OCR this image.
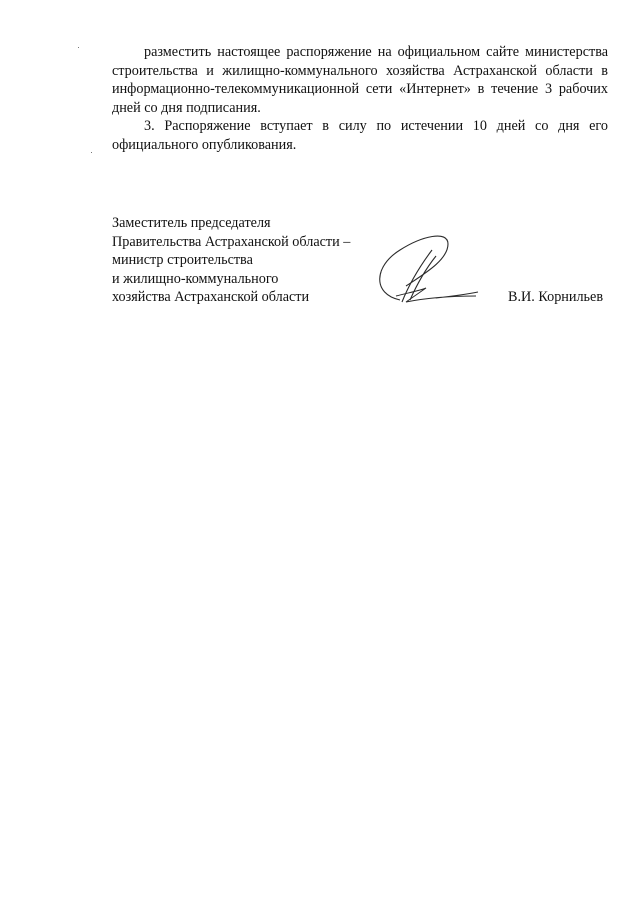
разместить настоящее распоряжение на официальном сайте министерства строительства и жилищно-коммунального хозяйства Астраханской области в информационно-телекоммуникационной сети «Интернет» в течение 3 рабочих дней со дня подписания.

3. Распоряжение вступает в силу по истечении 10 дней со дня его официального опубликования.

Заместитель председателя
Правительства Астраханской области –
министр строительства
и жилищно-коммунального
хозяйства Астраханской области	В.И. Корнильев
